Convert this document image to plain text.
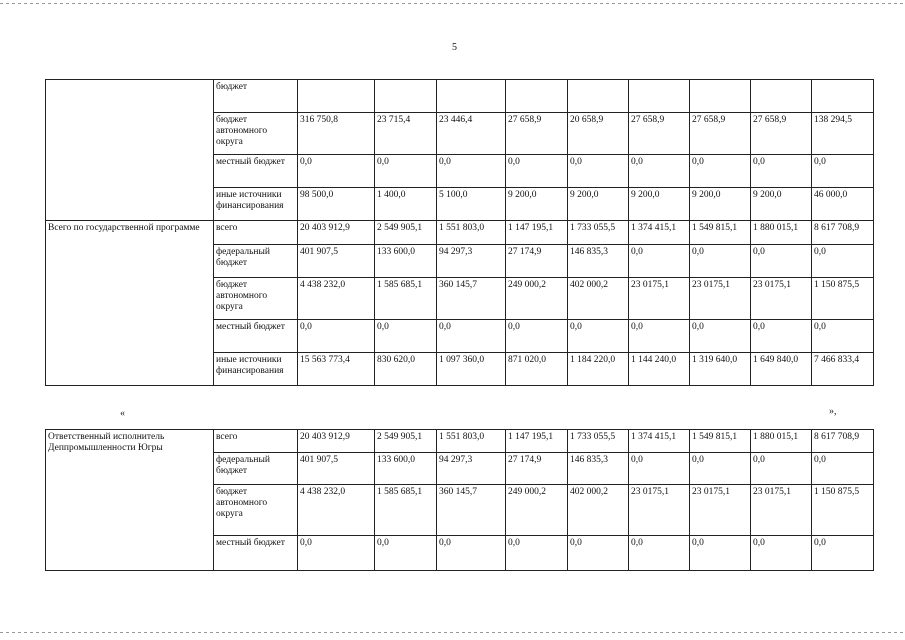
5
	бюджет									
	бюджет автономного округа	316 750,8	23 715,4	23 446,4	27 658,9	20 658,9	27 658,9	27 658,9	27 658,9	138 294,5
	местный бюджет	0,0	0,0	0,0	0,0	0,0	0,0	0,0	0,0	0,0
	иные источники финансирования	98 500,0	1 400,0	5 100,0	9 200,0	9 200,0	9 200,0	9 200,0	9 200,0	46 000,0
Всего по государственной программе	всего	20 403 912,9	2 549 905,1	1 551 803,0	1 147 195,1	1 733 055,5	1 374 415,1	1 549 815,1	1 880 015,1	8 617 708,9
	федеральный бюджет	401 907,5	133 600,0	94 297,3	27 174,9	146 835,3	0,0	0,0	0,0	0,0
	бюджет автономного округа	4 438 232,0	1 585 685,1	360 145,7	249 000,2	402 000,2	23 0175,1	23 0175,1	23 0175,1	1 150 875,5
	местный бюджет	0,0	0,0	0,0	0,0	0,0	0,0	0,0	0,0	0,0
	иные источники финансирования	15 563 773,4	830 620,0	1 097 360,0	871 020,0	1 184 220,0	1 144 240,0	1 319 640,0	1 649 840,0	7 466 833,4
«	»,
Ответственный исполнитель Деппромышленности Югры	всего	20 403 912,9	2 549 905,1	1 551 803,0	1 147 195,1	1 733 055,5	1 374 415,1	1 549 815,1	1 880 015,1	8 617 708,9
	федеральный бюджет	401 907,5	133 600,0	94 297,3	27 174,9	146 835,3	0,0	0,0	0,0	0,0
	бюджет автономного округа	4 438 232,0	1 585 685,1	360 145,7	249 000,2	402 000,2	23 0175,1	23 0175,1	23 0175,1	1 150 875,5
	местный бюджет	0,0	0,0	0,0	0,0	0,0	0,0	0,0	0,0	0,0
